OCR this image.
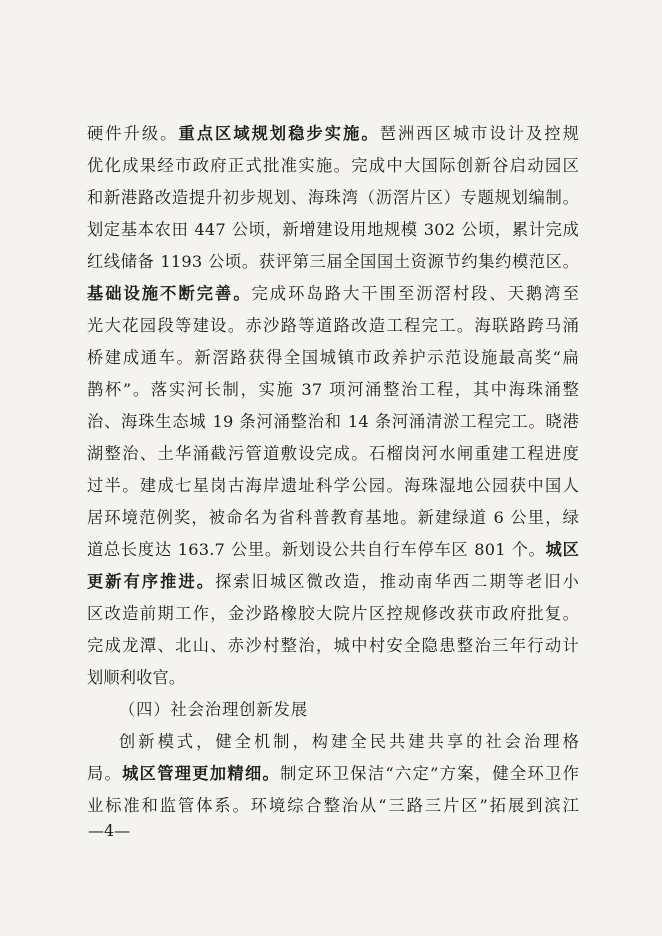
硬件升级。重点区域规划稳步实施。琶洲西区城市设计及控规
优化成果经市政府正式批准实施。完成中大国际创新谷启动园区
和新港路改造提升初步规划、海珠湾（沥滘片区）专题规划编制。
划定基本农田 447 公顷，新增建设用地规模 302 公顷，累计完成
红线储备 1193 公顷。获评第三届全国国土资源节约集约模范区。
基础设施不断完善。完成环岛路大干围至沥滘村段、天鹅湾至
光大花园段等建设。赤沙路等道路改造工程完工。海联路跨马涌
桥建成通车。新滘路获得全国城镇市政养护示范设施最高奖“扁
鹊杯”。落实河长制，实施 37 项河涌整治工程，其中海珠涌整
治、海珠生态城 19 条河涌整治和 14 条河涌清淤工程完工。晓港
湖整治、土华涌截污管道敷设完成。石榴岗河水闸重建工程进度
过半。建成七星岗古海岸遗址科学公园。海珠湿地公园获中国人
居环境范例奖，被命名为省科普教育基地。新建绿道 6 公里，绿
道总长度达 163.7 公里。新划设公共自行车停车区 801 个。城区
更新有序推进。探索旧城区微改造，推动南华西二期等老旧小
区改造前期工作，金沙路橡胶大院片区控规修改获市政府批复。
完成龙潭、北山、赤沙村整治，城中村安全隐患整治三年行动计
划顺利收官。
（四）社会治理创新发展
创新模式，健全机制，构建全民共建共享的社会治理格
局。城区管理更加精细。制定环卫保洁“六定”方案，健全环卫作
业标准和监管体系。环境综合整治从“三路三片区”拓展到滨江
—4—
